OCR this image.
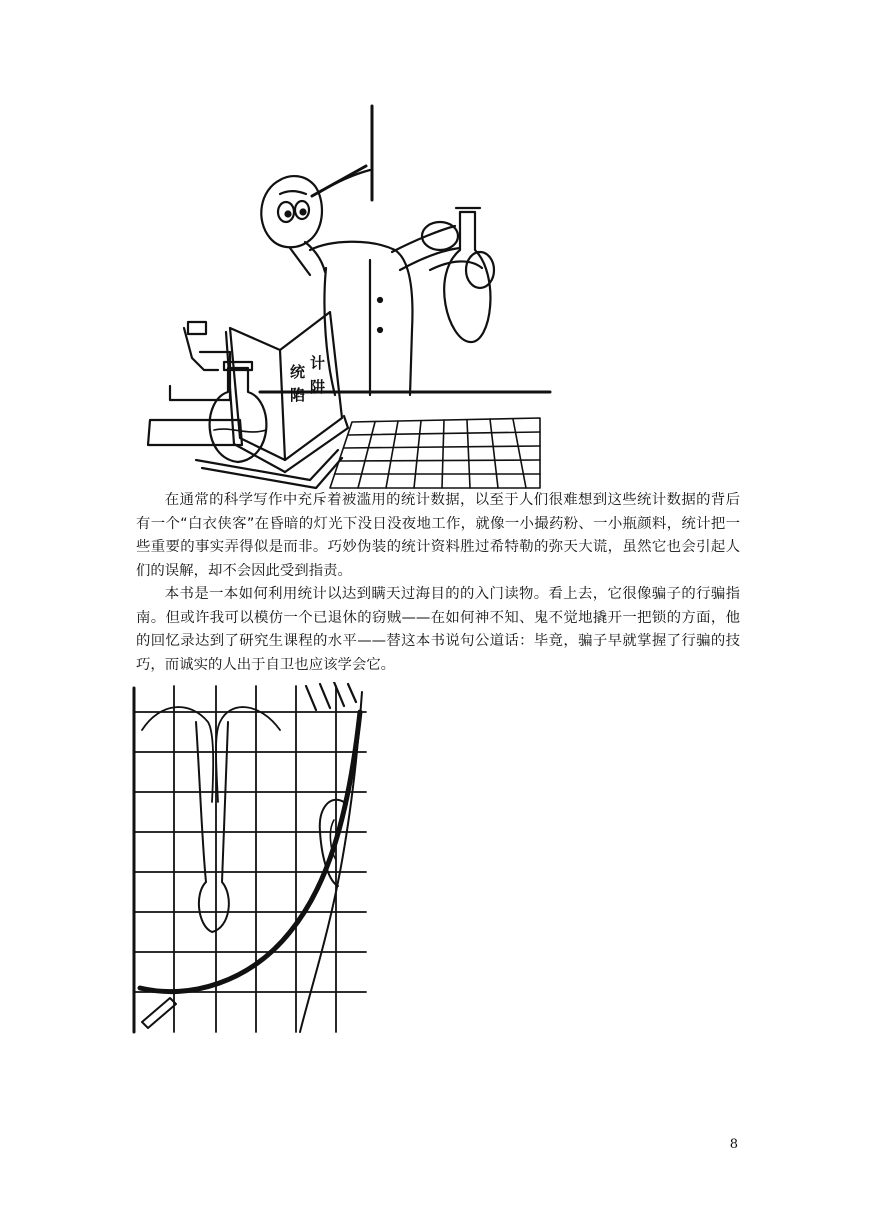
统 计
陷 阱

在通常的科学写作中充斥着被滥用的统计数据，以至于人们很难想到这些统计数据的背后有一个“白衣侠客”在昏暗的灯光下没日没夜地工作，就像一小撮药粉、一小瓶颜料，统计把一些重要的事实弄得似是而非。巧妙伪装的统计资料胜过希特勒的弥天大谎，虽然它也会引起人们的误解，却不会因此受到指责。

本书是一本如何利用统计以达到瞒天过海目的的入门读物。看上去，它很像骗子的行骗指南。但或许我可以模仿一个已退休的窃贼——在如何神不知、鬼不觉地撬开一把锁的方面，他的回忆录达到了研究生课程的水平——替这本书说句公道话：毕竟，骗子早就掌握了行骗的技巧，而诚实的人出于自卫也应该学会它。

8
